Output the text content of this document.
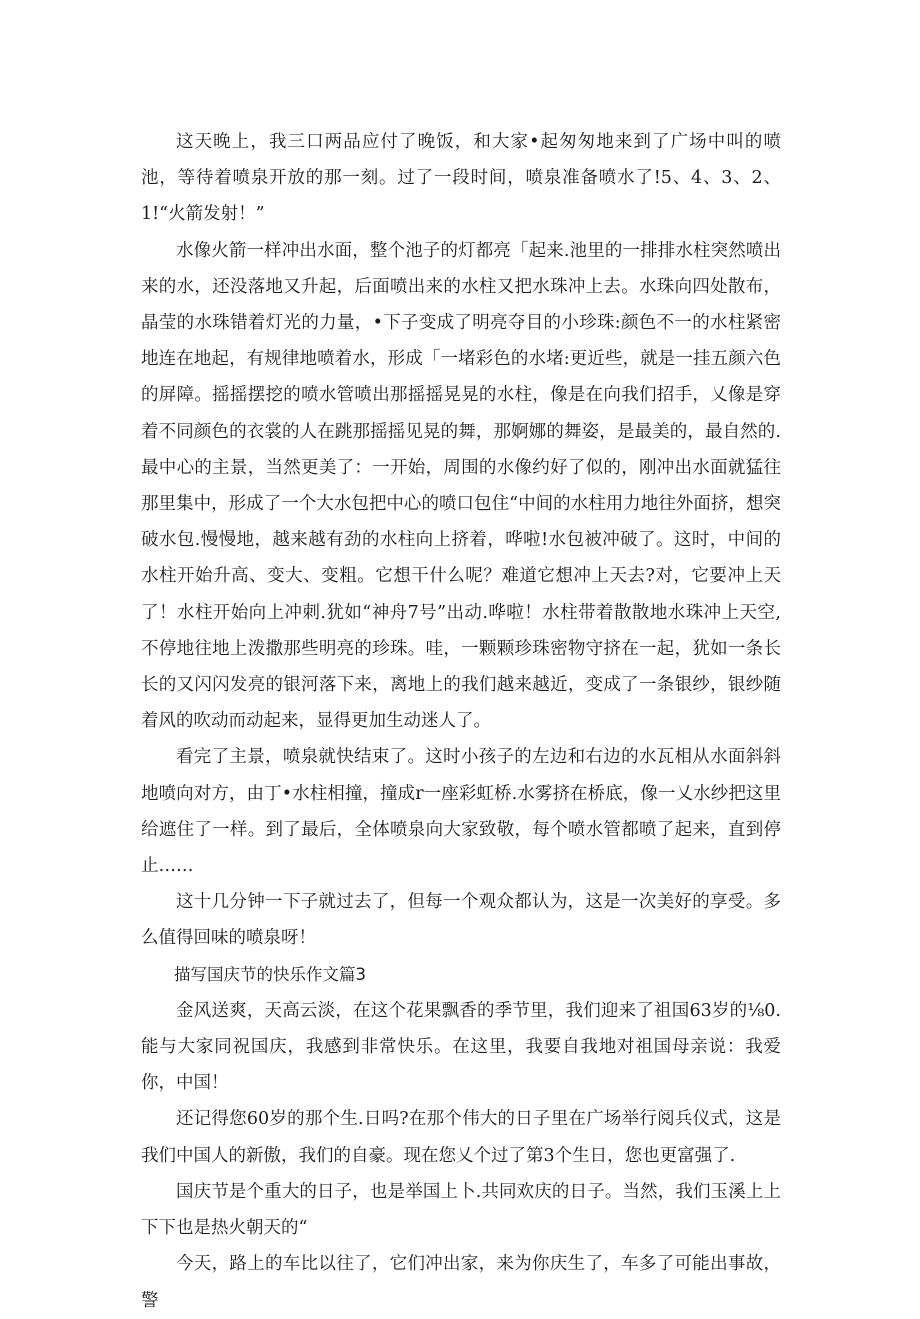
这天晚上，我三口两品应付了晚饭，和大家•起匆匆地来到了广场中叫的喷池，等待着喷泉开放的那一刻。过了一段时间，喷泉准备喷水了!5、4、3、2、1!“火箭发射！”

水像火箭一样冲出水面，整个池子的灯都亮「起来.池里的一排排水柱突然喷出来的水，还没落地又升起，后面喷出来的水柱又把水珠冲上去。水珠向四处散布，晶莹的水珠错着灯光的力量，•下子变成了明亮夺目的小珍珠:颜色不一的水柱紧密地连在地起，有规律地喷着水，形成「一堵彩色的水堵:更近些，就是一挂五颜六色的屏障。摇摇摆挖的喷水管喷出那摇摇晃晃的水柱，像是在向我们招手，乂像是穿着不同颜色的衣裳的人在跳那摇摇见晃的舞，那婀娜的舞姿，是最美的，最自然的.最中心的主景，当然更美了：一开始，周围的水像约好了似的，刚冲出水面就猛往那里集中，形成了一个大水包把中心的喷口包住“中间的水柱用力地往外面挤，想突破水包.慢慢地，越来越有劲的水柱向上挤着，哗啦!水包被冲破了。这时，中间的水柱开始升高、变大、变粗。它想干什么呢？难道它想冲上天去?对，它要冲上天了！水柱开始向上冲刺.犹如“神舟7号”出动.哗啦！水柱带着散散地水珠冲上天空,不停地往地上泼撒那些明亮的珍珠。哇，一颗颗珍珠密物守挤在一起，犹如一条长长的又闪闪发亮的银河落下来，离地上的我们越来越近，变成了一条银纱，银纱随着风的吹动而动起来，显得更加生动迷人了。

看完了主景，喷泉就快结束了。这时小孩子的左边和右边的水瓦相从水面斜斜地喷向对方，由丁•水柱相撞，撞成r一座彩虹桥.水雾挤在桥底，像一乂水纱把这里给遮住了一样。到了最后，全体喷泉向大家致敬，每个喷水管都喷了起来，直到停止……

这十几分钟一下子就过去了，但每一个观众都认为，这是一次美好的享受。多么值得回味的喷泉呀！

描写国庆节的快乐作文篇3

金风送爽，天高云淡，在这个花果飘香的季节里，我们迎来了祖国63岁的⅛0.能与大家同祝国庆，我感到非常快乐。在这里，我要自我地对祖国母亲说：我爱你，中国！

还记得您60岁的那个生.日吗?在那个伟大的日子里在广场举行阅兵仪式，这是我们中国人的新傲，我们的自豪。现在您乂个过了第3个生日，您也更富强了.

国庆节是个重大的日子，也是举国上卜.共同欢庆的日子。当然，我们玉溪上上下下也是热火朝天的“

今天，路上的车比以往了，它们冲出家，来为你庆生了，车多了可能出事故，警
